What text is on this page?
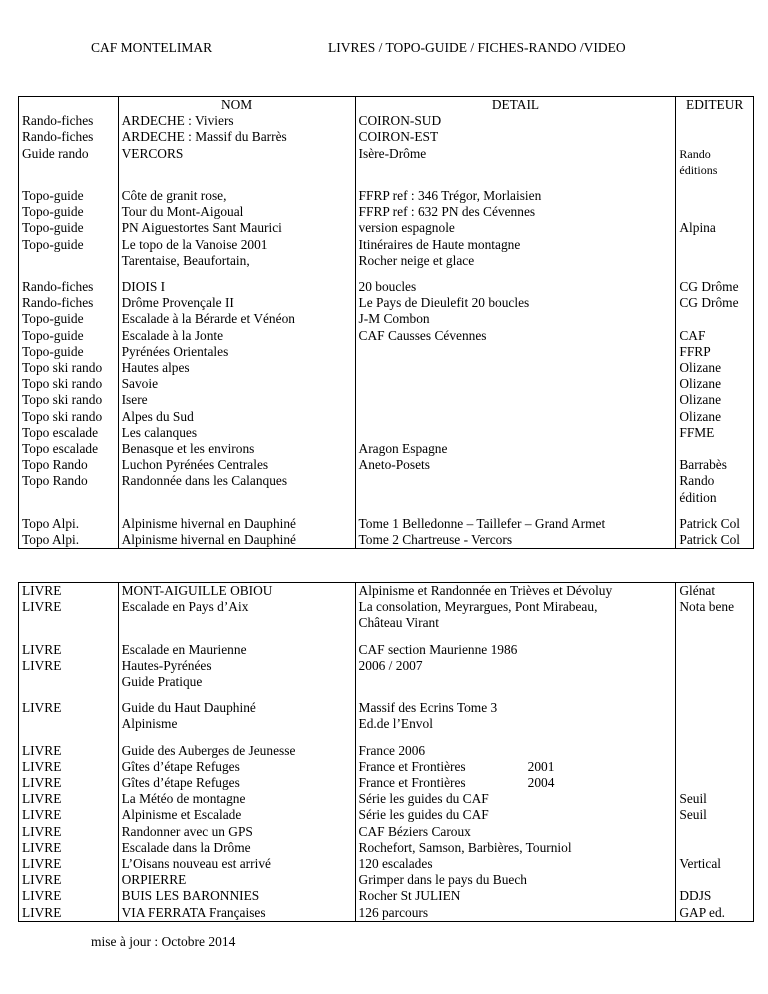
CAF MONTELIMAR	LIVRES / TOPO-GUIDE / FICHES-RANDO /VIDEO
	NOM	DETAIL	EDITEUR
Rando-fiches	ARDECHE : Viviers	COIRON-SUD	
Rando-fiches	ARDECHE : Massif du Barrès	COIRON-EST	
Guide rando	VERCORS	Isère-Drôme	Rando éditions

Topo-guide	Côte de granit rose,	FFRP ref : 346 Trégor, Morlaisien	
Topo-guide	Tour du Mont-Aigoual	FFRP ref : 632 PN des Cévennes	
Topo-guide	PN Aiguestortes Sant Maurici	version espagnole	Alpina
Topo-guide	Le topo de la Vanoise 2001	Itinéraires de Haute montagne	
	Tarentaise, Beaufortain,	Rocher neige et glace	

Rando-fiches	DIOIS I	20 boucles	CG Drôme
Rando-fiches	Drôme Provençale II	Le Pays de Dieulefit 20 boucles	CG Drôme
Topo-guide	Escalade à la Bérarde et Vénéon	J-M Combon	
Topo-guide	Escalade à la Jonte	CAF Causses Cévennes	CAF
Topo-guide	Pyrénées Orientales		FFRP
Topo ski rando	Hautes alpes		Olizane
Topo ski rando	Savoie		Olizane
Topo ski rando	Isere		Olizane
Topo ski rando	Alpes du Sud		Olizane
Topo escalade	Les calanques		FFME
Topo escalade	Benasque et les environs	Aragon Espagne	
Topo Rando	Luchon Pyrénées Centrales	Aneto-Posets	Barrabès
Topo Rando	Randonnée dans les Calanques		Rando édition

Topo Alpi.	Alpinisme hivernal en Dauphiné	Tome 1 Belledonne – Taillefer – Grand Armet	Patrick Col
Topo Alpi.	Alpinisme hivernal en Dauphiné	Tome 2 Chartreuse - Vercors	Patrick Col
LIVRE	MONT-AIGUILLE OBIOU	Alpinisme et Randonnée en Trièves et Dévoluy	Glénat
LIVRE	Escalade en Pays d’Aix	La consolation, Meyrargues, Pont Mirabeau,	Nota bene
		Château Virant	

LIVRE	Escalade en Maurienne	CAF section Maurienne 1986	
LIVRE	Hautes-Pyrénées	2006 / 2007	
	Guide Pratique		

LIVRE	Guide du Haut Dauphiné	Massif des Ecrins Tome 3	
	Alpinisme	Ed.de l’Envol	

LIVRE	Guide des Auberges de Jeunesse	France 2006	
LIVRE	Gîtes d’étape Refuges	France et Frontières 2001	
LIVRE	Gîtes d’étape Refuges	France et Frontières 2004	
LIVRE	La Météo de montagne	Série les guides du CAF	Seuil
LIVRE	Alpinisme et Escalade	Série les guides du CAF	Seuil
LIVRE	Randonner avec un GPS	CAF Béziers Caroux	
LIVRE	Escalade dans la Drôme	Rochefort, Samson, Barbières, Tourniol	
LIVRE	L’Oisans nouveau est arrivé	120 escalades	Vertical
LIVRE	ORPIERRE	Grimper dans le pays du Buech	
LIVRE	BUIS LES BARONNIES	Rocher St JULIEN	DDJS
LIVRE	VIA FERRATA Françaises	126 parcours	GAP ed.
mise à jour : Octobre 2014
